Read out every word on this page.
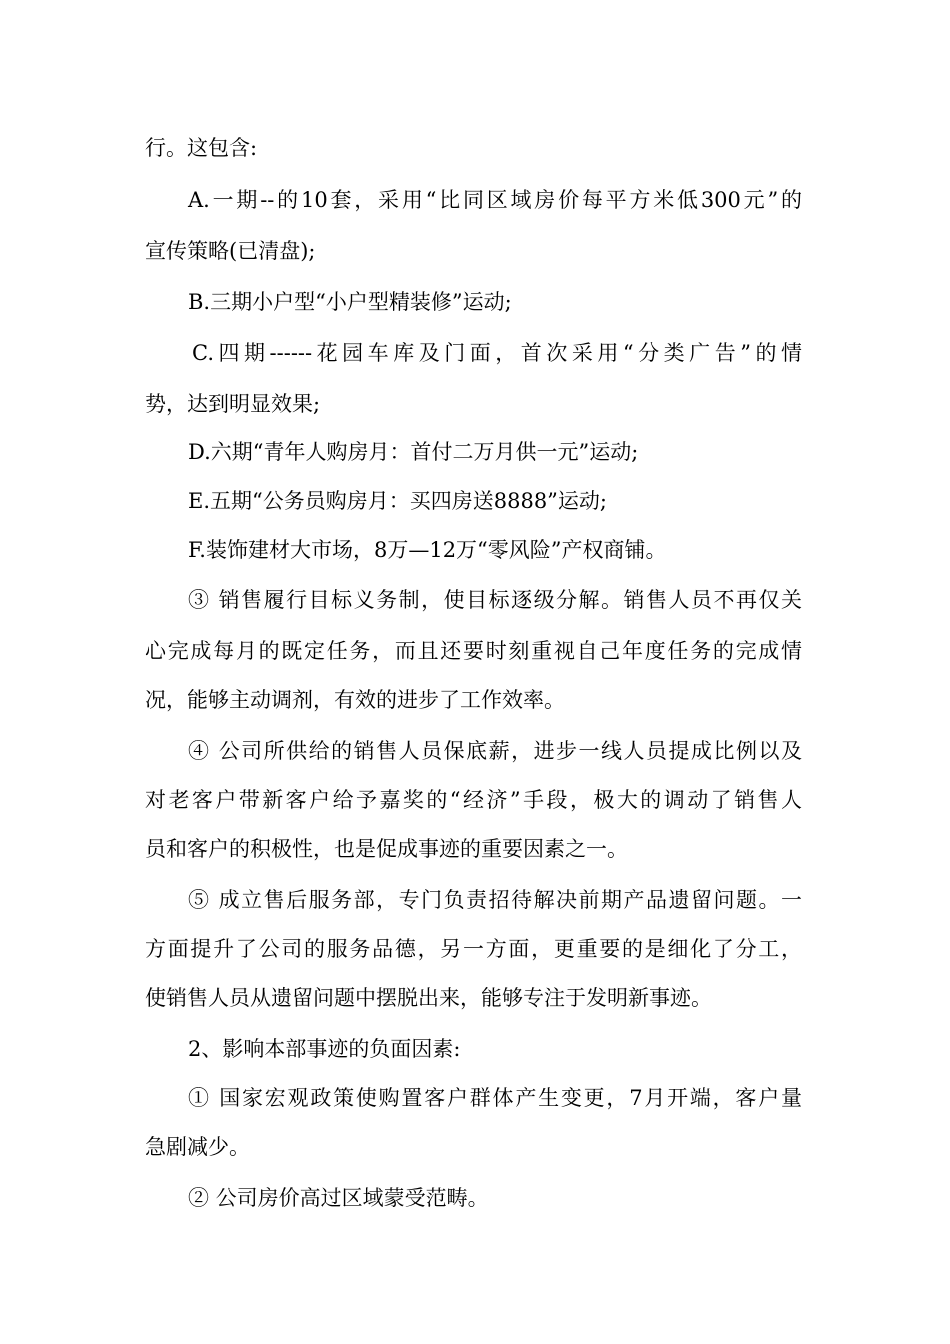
行。这包含:
A.一期--的10套，采用“比同区域房价每平方米低300元”的
宣传策略(已清盘);
B.三期小户型“小户型精装修”运动;
C.四期------花园车库及门面，首次采用“分类广告”的情
势，达到明显效果;
D.六期“青年人购房月：首付二万月供一元”运动;
E.五期“公务员购房月：买四房送8888”运动;
F.装饰建材大市场，8万—12万“零风险”产权商铺。
③ 销售履行目标义务制，使目标逐级分解。销售人员不再仅关
心完成每月的既定任务，而且还要时刻重视自己年度任务的完成情
况，能够主动调剂，有效的进步了工作效率。
④ 公司所供给的销售人员保底薪，进步一线人员提成比例以及
对老客户带新客户给予嘉奖的“经济”手段，极大的调动了销售人
员和客户的积极性，也是促成事迹的重要因素之一。
⑤ 成立售后服务部，专门负责招待解决前期产品遗留问题。一
方面提升了公司的服务品德，另一方面，更重要的是细化了分工，
使销售人员从遗留问题中摆脱出来，能够专注于发明新事迹。
2、影响本部事迹的负面因素:
① 国家宏观政策使购置客户群体产生变更，7月开端，客户量
急剧减少。
② 公司房价高过区域蒙受范畴。
